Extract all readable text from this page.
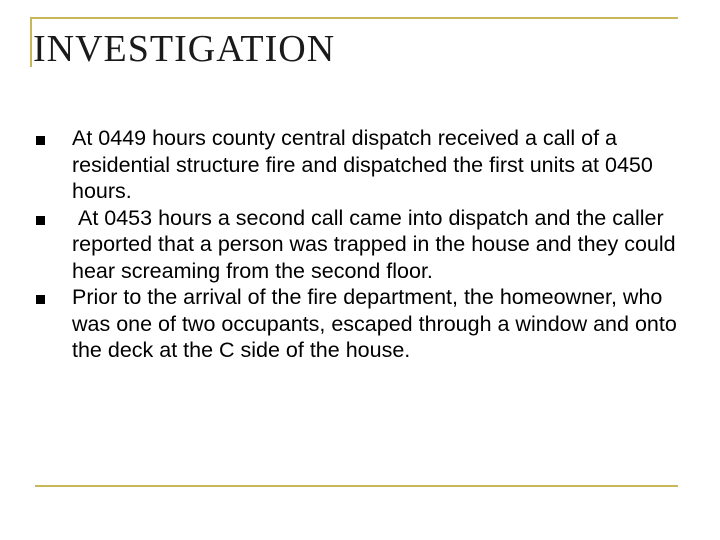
INVESTIGATION
At 0449 hours county central dispatch received a call of a residential structure fire and dispatched the first units at 0450 hours.
At 0453 hours a second call came into dispatch and the caller reported that a person was trapped in the house and they could hear screaming from the second floor.
Prior to the arrival of the fire department, the homeowner, who was one of two occupants, escaped through a window and onto the deck at the C side of the house.
